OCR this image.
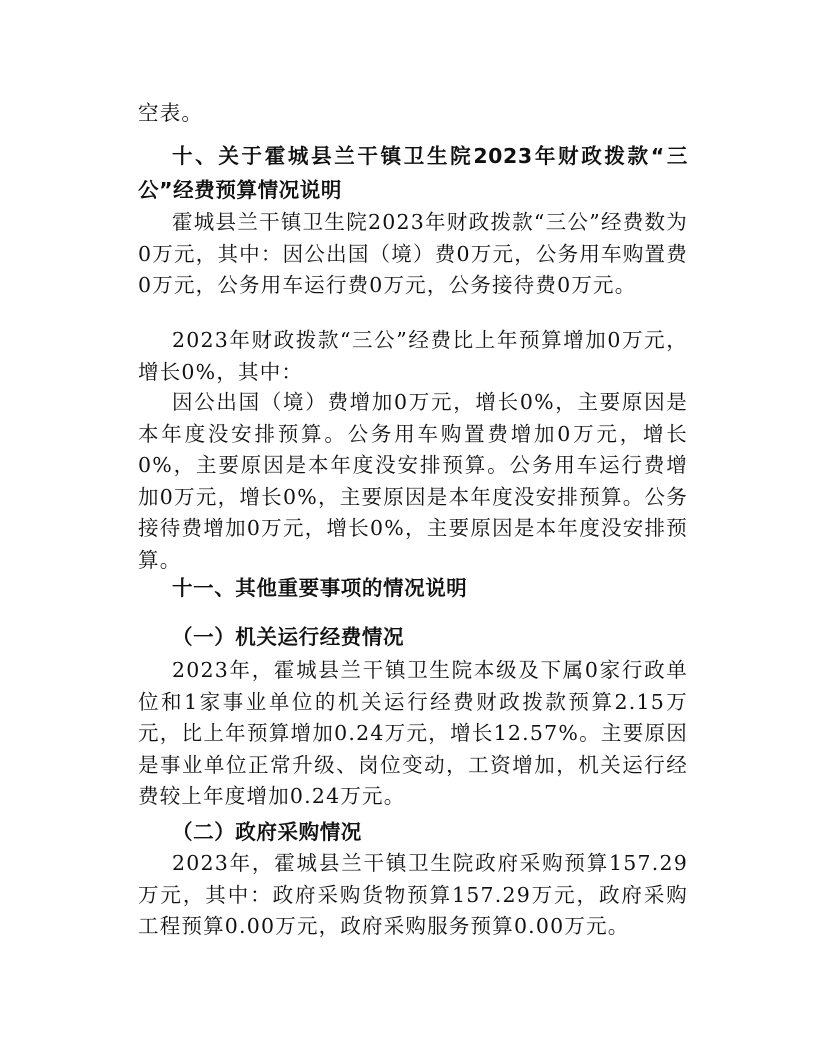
空表。

十、关于霍城县兰干镇卫生院2023年财政拨款“三公”经费预算情况说明

霍城县兰干镇卫生院2023年财政拨款“三公”经费数为0万元，其中：因公出国（境）费0万元，公务用车购置费0万元，公务用车运行费0万元，公务接待费0万元。

2023年财政拨款“三公”经费比上年预算增加0万元，增长0%，其中：

因公出国（境）费增加0万元，增长0%，主要原因是本年度没安排预算。公务用车购置费增加0万元，增长0%，主要原因是本年度没安排预算。公务用车运行费增加0万元，增长0%，主要原因是本年度没安排预算。公务接待费增加0万元，增长0%，主要原因是本年度没安排预算。

十一、其他重要事项的情况说明

（一）机关运行经费情况

2023年，霍城县兰干镇卫生院本级及下属0家行政单位和1家事业单位的机关运行经费财政拨款预算2.15万元，比上年预算增加0.24万元，增长12.57%。主要原因是事业单位正常升级、岗位变动，工资增加，机关运行经费较上年度增加0.24万元。

（二）政府采购情况

2023年，霍城县兰干镇卫生院政府采购预算157.29万元，其中：政府采购货物预算157.29万元，政府采购工程预算0.00万元，政府采购服务预算0.00万元。
